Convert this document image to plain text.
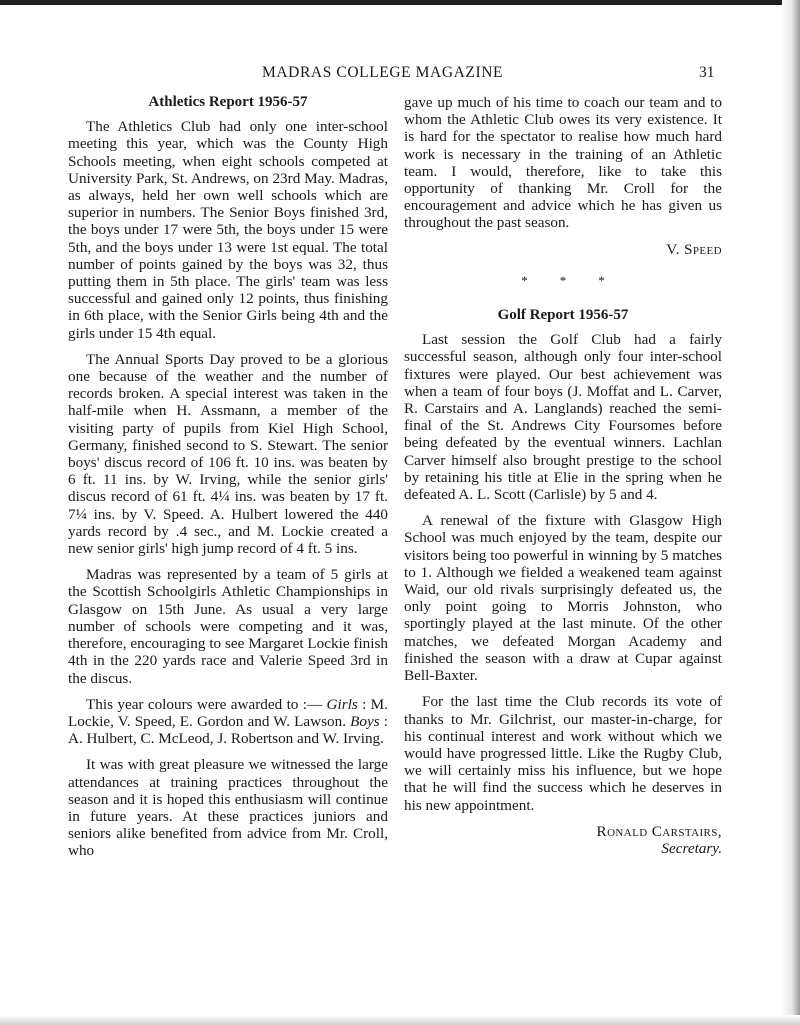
MADRAS COLLEGE MAGAZINE	31
Athletics Report 1956-57

The Athletics Club had only one inter-school meeting this year, which was the County High Schools meeting, when eight schools competed at University Park, St. Andrews, on 23rd May. Madras, as always, held her own well schools which are superior in numbers. The Senior Boys finished 3rd, the boys under 17 were 5th, the boys under 15 were 5th, and the boys under 13 were 1st equal. The total number of points gained by the boys was 32, thus putting them in 5th place. The girls' team was less successful and gained only 12 points, thus finishing in 6th place, with the Senior Girls being 4th and the girls under 15 4th equal.

The Annual Sports Day proved to be a glorious one because of the weather and the number of records broken. A special interest was taken in the half-mile when H. Assmann, a member of the visiting party of pupils from Kiel High School, Germany, finished second to S. Stewart. The senior boys' discus record of 106 ft. 10 ins. was beaten by 6 ft. 11 ins. by W. Irving, while the senior girls' discus record of 61 ft. 4¼ ins. was beaten by 17 ft. 7¼ ins. by V. Speed. A. Hulbert lowered the 440 yards record by .4 sec., and M. Lockie created a new senior girls' high jump record of 4 ft. 5 ins.

Madras was represented by a team of 5 girls at the Scottish Schoolgirls Athletic Championships in Glasgow on 15th June. As usual a very large number of schools were competing and it was, therefore, encouraging to see Margaret Lockie finish 4th in the 220 yards race and Valerie Speed 3rd in the discus.

This year colours were awarded to :— Girls : M. Lockie, V. Speed, E. Gordon and W. Lawson. Boys : A. Hulbert, C. McLeod, J. Robertson and W. Irving.

It was with great pleasure we witnessed the large attendances at training practices throughout the season and it is hoped this enthusiasm will continue in future years. At these practices juniors and seniors alike benefited from advice from Mr. Croll, who

gave up much of his time to coach our team and to whom the Athletic Club owes its very existence. It is hard for the spectator to realise how much hard work is necessary in the training of an Athletic team. I would, therefore, like to take this opportunity of thanking Mr. Croll for the encouragement and advice which he has given us throughout the past season.

V. Speed

* * *
Golf Report 1956-57

Last session the Golf Club had a fairly successful season, although only four inter-school fixtures were played. Our best achievement was when a team of four boys (J. Moffat and L. Carver, R. Carstairs and A. Langlands) reached the semi-final of the St. Andrews City Foursomes before being defeated by the eventual winners. Lachlan Carver himself also brought prestige to the school by retaining his title at Elie in the spring when he defeated A. L. Scott (Carlisle) by 5 and 4.

A renewal of the fixture with Glasgow High School was much enjoyed by the team, despite our visitors being too powerful in winning by 5 matches to 1. Although we fielded a weakened team against Waid, our old rivals surprisingly defeated us, the only point going to Morris Johnston, who sportingly played at the last minute. Of the other matches, we defeated Morgan Academy and finished the season with a draw at Cupar against Bell-Baxter.

For the last time the Club records its vote of thanks to Mr. Gilchrist, our master-in-charge, for his continual interest and work without which we would have progressed little. Like the Rugby Club, we will certainly miss his influence, but we hope that he will find the success which he deserves in his new appointment.

Ronald Carstairs,

Secretary.
